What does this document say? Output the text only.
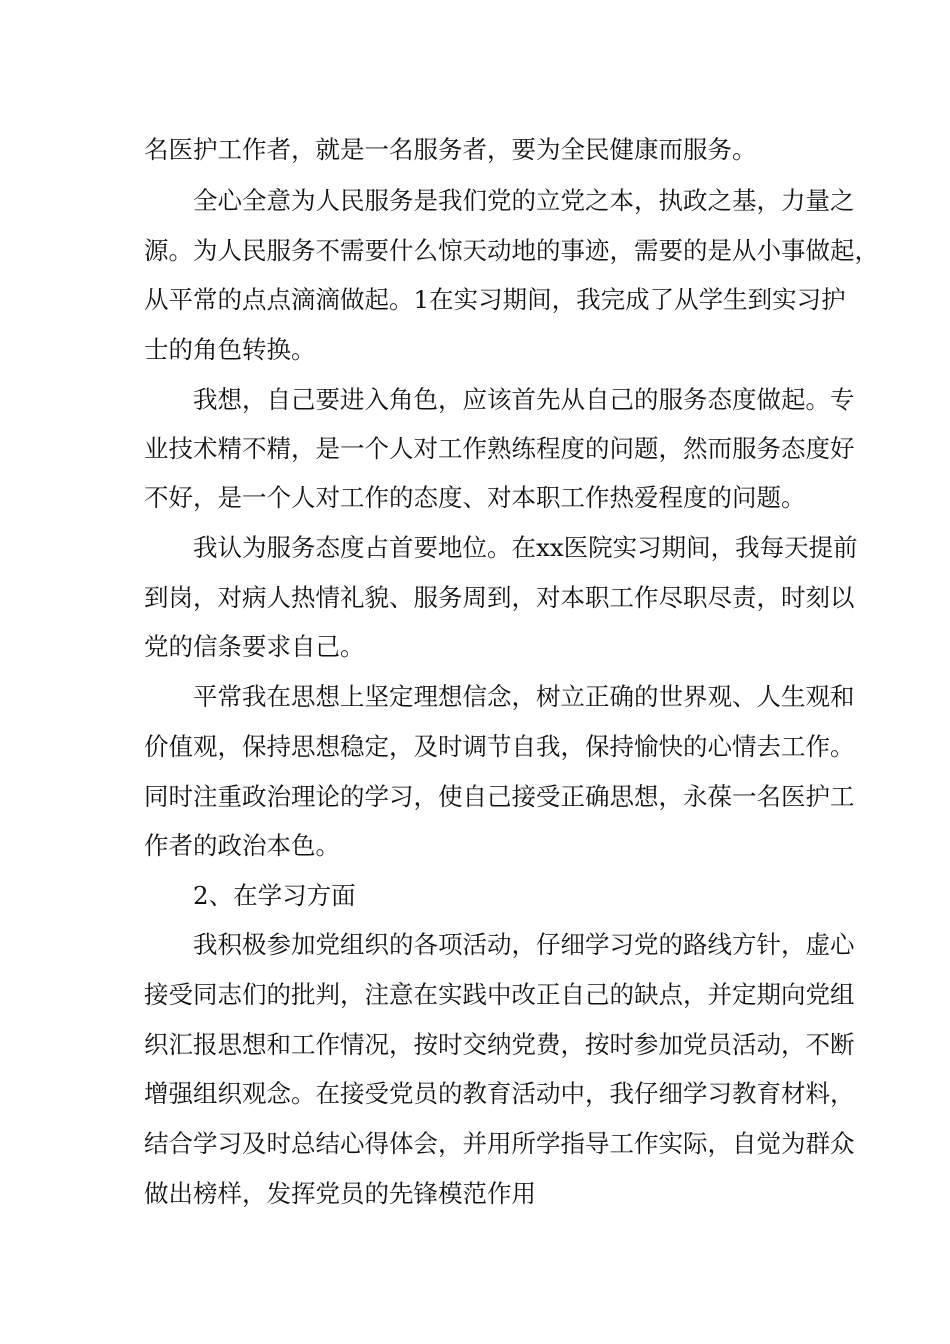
名医护工作者，就是一名服务者，要为全民健康而服务。
全心全意为人民服务是我们党的立党之本，执政之基，力量之
源。为人民服务不需要什么惊天动地的事迹，需要的是从小事做起，
从平常的点点滴滴做起。1在实习期间，我完成了从学生到实习护
士的角色转换。
我想，自己要进入角色，应该首先从自己的服务态度做起。专
业技术精不精，是一个人对工作熟练程度的问题，然而服务态度好
不好，是一个人对工作的态度、对本职工作热爱程度的问题。
我认为服务态度占首要地位。在xx医院实习期间，我每天提前
到岗，对病人热情礼貌、服务周到，对本职工作尽职尽责，时刻以
党的信条要求自己。
平常我在思想上坚定理想信念，树立正确的世界观、人生观和
价值观，保持思想稳定，及时调节自我，保持愉快的心情去工作。
同时注重政治理论的学习，使自己接受正确思想，永葆一名医护工
作者的政治本色。
2、在学习方面
我积极参加党组织的各项活动，仔细学习党的路线方针，虚心
接受同志们的批判，注意在实践中改正自己的缺点，并定期向党组
织汇报思想和工作情况，按时交纳党费，按时参加党员活动，不断
增强组织观念。在接受党员的教育活动中，我仔细学习教育材料，
结合学习及时总结心得体会，并用所学指导工作实际，自觉为群众
做出榜样，发挥党员的先锋模范作用
